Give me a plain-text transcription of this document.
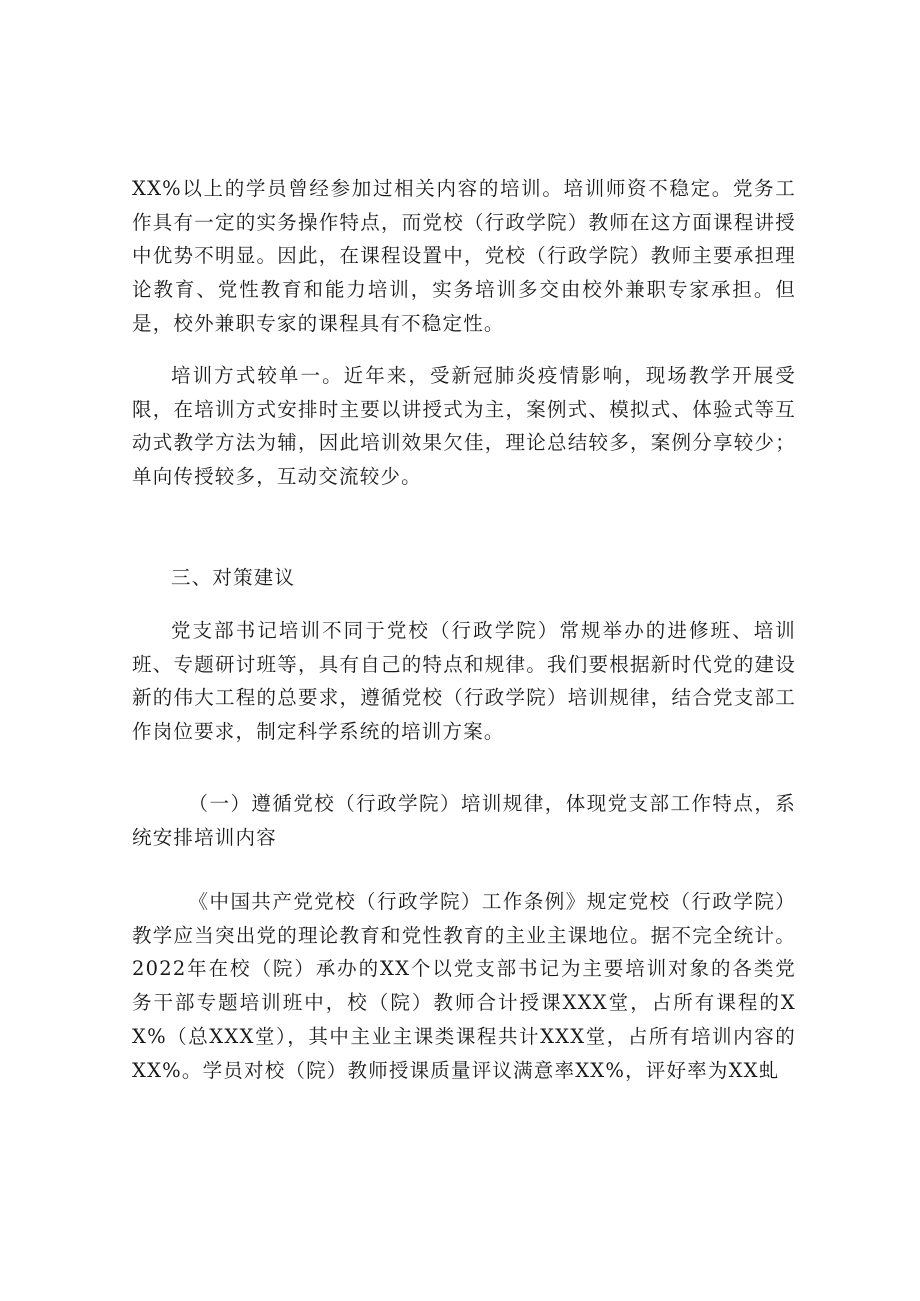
XX%以上的学员曾经参加过相关内容的培训。培训师资不稳定。党务工作具有一定的实务操作特点，而党校（行政学院）教师在这方面课程讲授中优势不明显。因此，在课程设置中，党校（行政学院）教师主要承担理论教育、党性教育和能力培训，实务培训多交由校外兼职专家承担。但是，校外兼职专家的课程具有不稳定性。

培训方式较单一。近年来，受新冠肺炎疫情影响，现场教学开展受限，在培训方式安排时主要以讲授式为主，案例式、模拟式、体验式等互动式教学方法为辅，因此培训效果欠佳，理论总结较多，案例分享较少；单向传授较多，互动交流较少。

三、对策建议

党支部书记培训不同于党校（行政学院）常规举办的进修班、培训班、专题研讨班等，具有自己的特点和规律。我们要根据新时代党的建设新的伟大工程的总要求，遵循党校（行政学院）培训规律，结合党支部工作岗位要求，制定科学系统的培训方案。

（一）遵循党校（行政学院）培训规律，体现党支部工作特点，系统安排培训内容

《中国共产党党校（行政学院）工作条例》规定党校（行政学院）教学应当突出党的理论教育和党性教育的主业主课地位。据不完全统计。2022年在校（院）承办的XX个以党支部书记为主要培训对象的各类党务干部专题培训班中，校（院）教师合计授课XXX堂，占所有课程的XX%（总XXX堂），其中主业主课类课程共计XXX堂，占所有培训内容的XX%。学员对校（院）教师授课质量评议满意率XX%，评好率为XX虬
